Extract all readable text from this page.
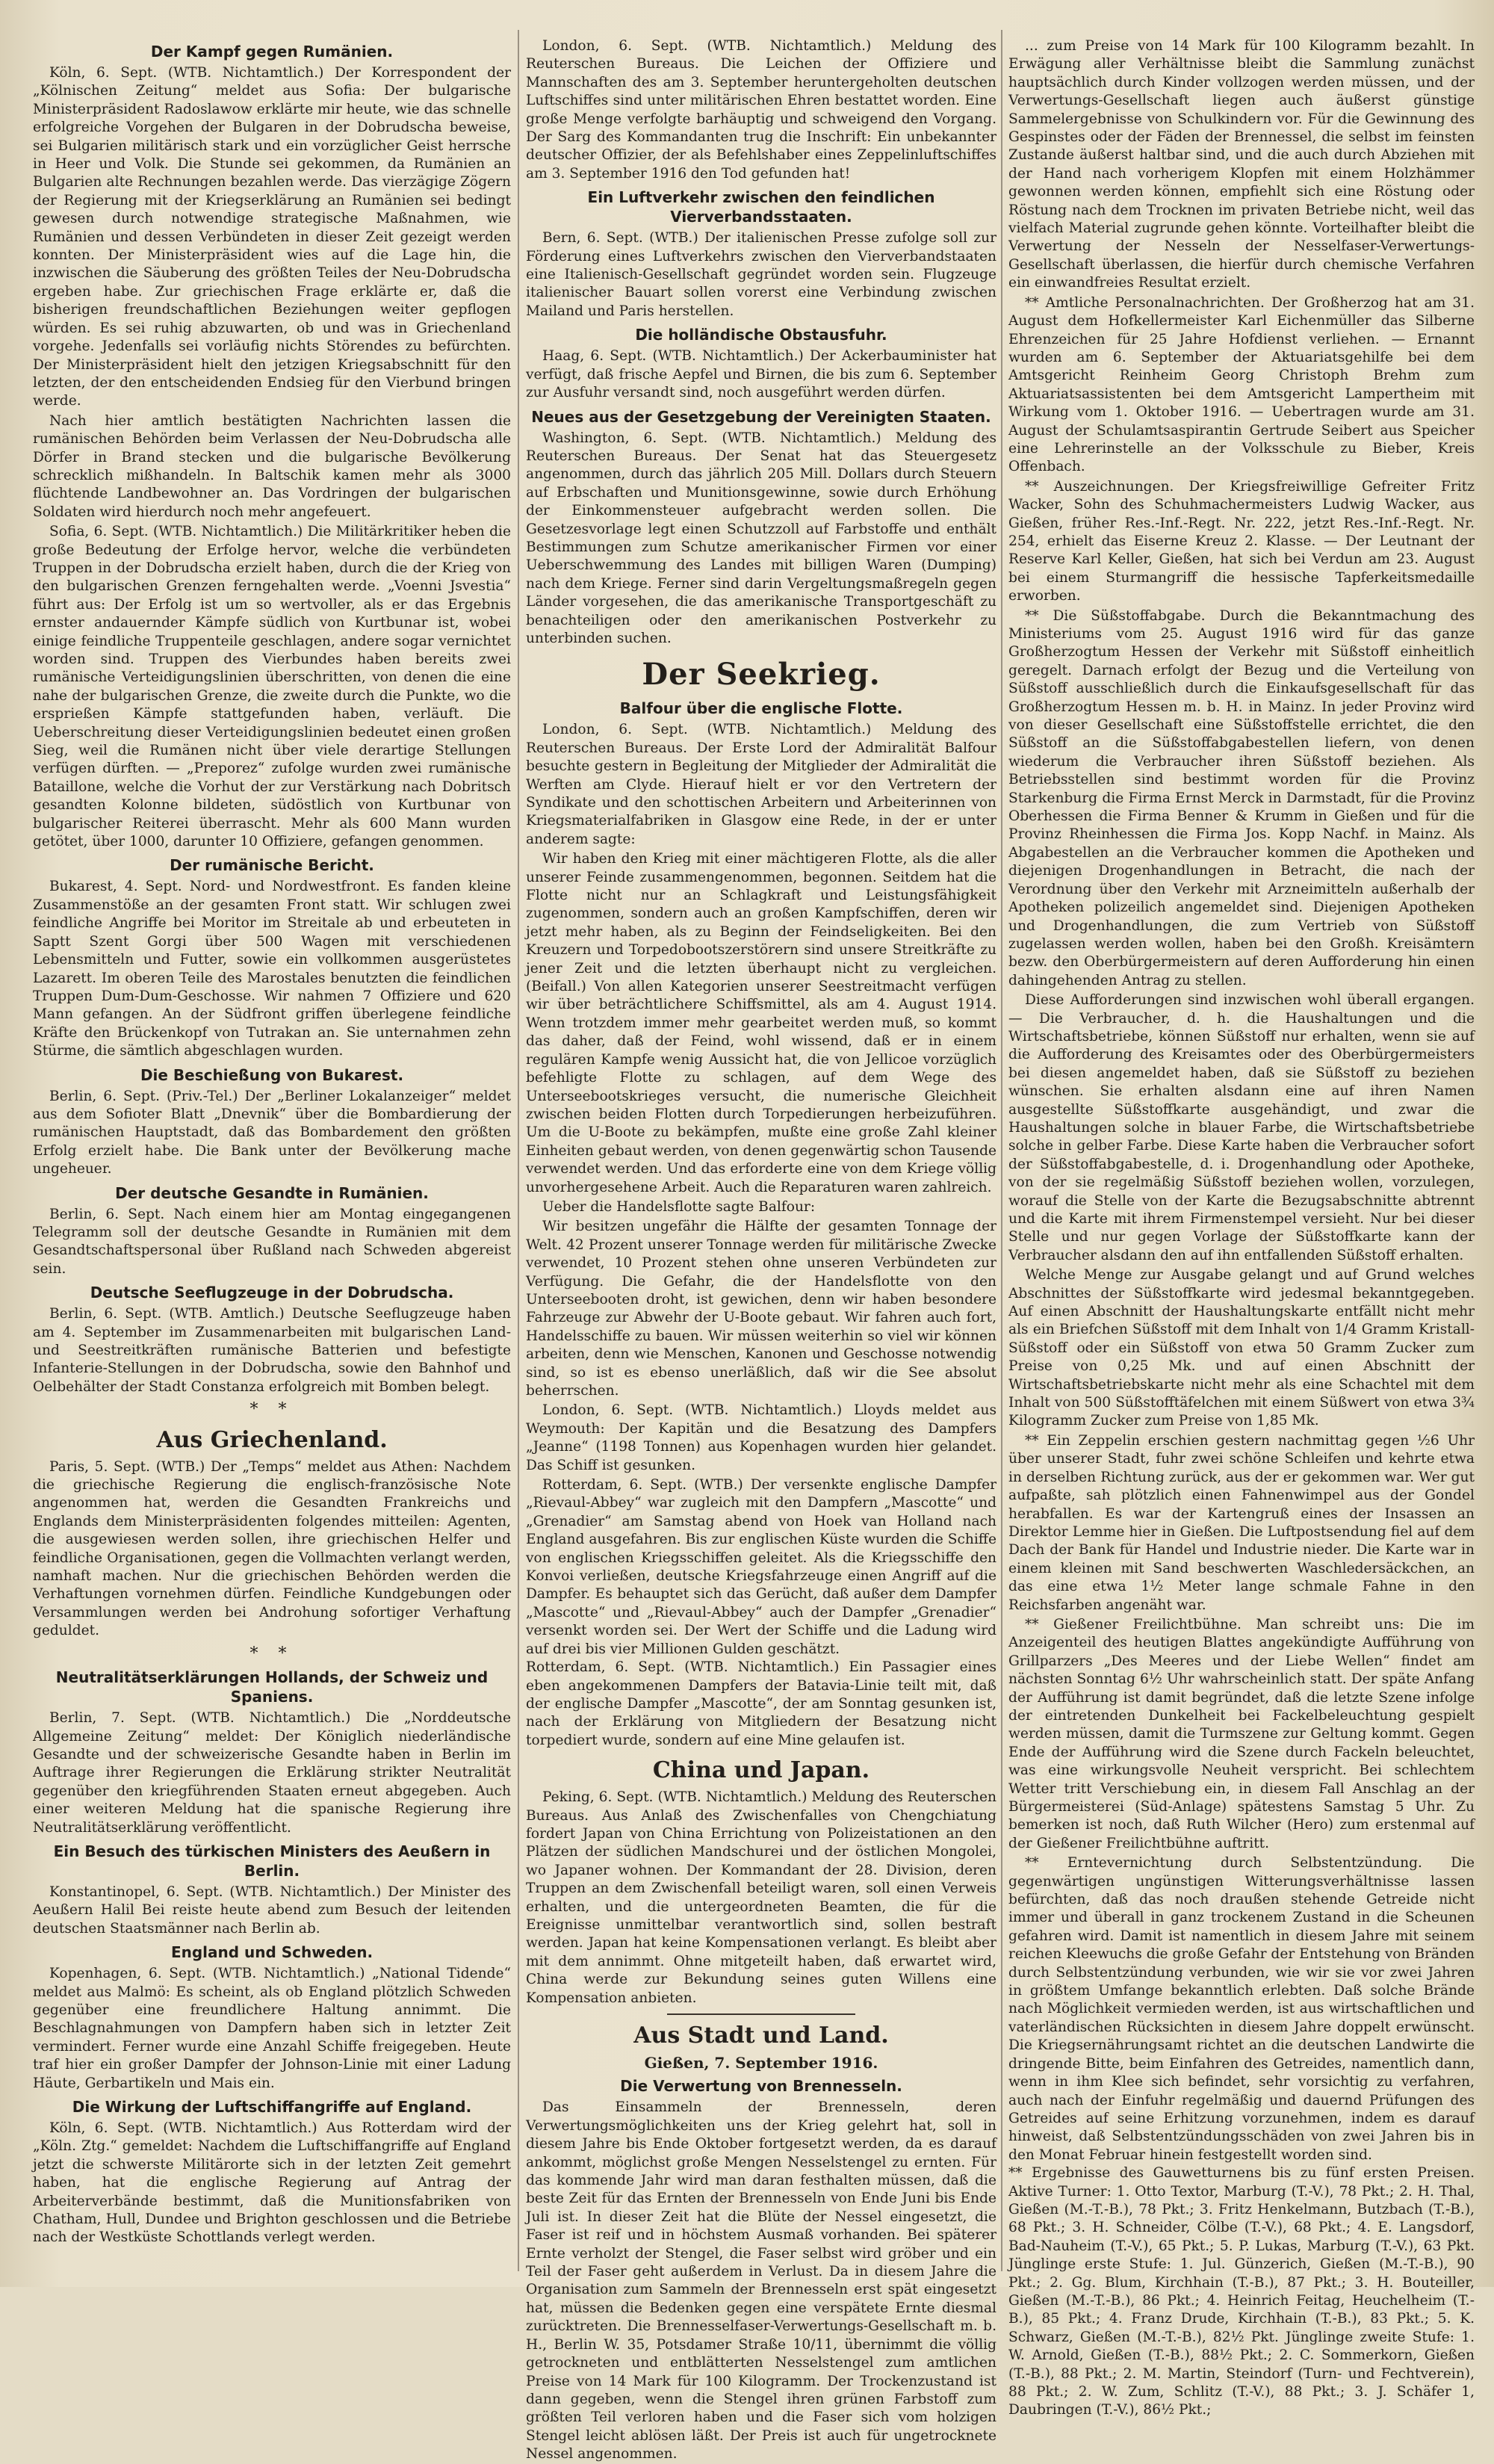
Der Kampf gegen Rumänien.

Köln, 6. Sept. (WTB. Nichtamtlich.) Der Korrespondent der „Kölnischen Zeitung“ meldet aus Sofia: Der bulgarische Ministerpräsident Radoslawow erklärte mir heute, wie das schnelle erfolgreiche Vorgehen der Bulgaren in der Dobrudscha beweise, sei Bulgarien militärisch stark und ein vorzüglicher Geist herrsche in Heer und Volk. Die Stunde sei gekommen, da Rumänien an Bulgarien alte Rechnungen bezahlen werde. Das vierzägige Zögern der Regierung mit der Kriegserklärung an Rumänien sei bedingt gewesen durch notwendige strategische Maßnahmen, wie Rumänien und dessen Verbündeten in dieser Zeit gezeigt werden konnten. Der Ministerpräsident wies auf die Lage hin, die inzwischen die Säuberung des größten Teiles der Neu-Dobrudscha ergeben habe. Zur griechischen Frage erklärte er, daß die bisherigen freundschaftlichen Beziehungen weiter gepflogen würden. Es sei ruhig abzuwarten, ob und was in Griechenland vorgehe. Jedenfalls sei vorläufig nichts Störendes zu befürchten. Der Ministerpräsident hielt den jetzigen Kriegsabschnitt für den letzten, der den entscheidenden Endsieg für den Vierbund bringen werde.

Nach hier amtlich bestätigten Nachrichten lassen die rumänischen Behörden beim Verlassen der Neu-Dobrudscha alle Dörfer in Brand stecken und die bulgarische Bevölkerung schrecklich mißhandeln. In Baltschik kamen mehr als 3000 flüchtende Landbewohner an. Das Vordringen der bulgarischen Soldaten wird hierdurch noch mehr angefeuert.

Sofia, 6. Sept. (WTB. Nichtamtlich.) Die Militärkritiker heben die große Bedeutung der Erfolge hervor, welche die verbündeten Truppen in der Dobrudscha erzielt haben, durch die der Krieg von den bulgarischen Grenzen ferngehalten werde. „Voenni Jsvestia“ führt aus: Der Erfolg ist um so wertvoller, als er das Ergebnis ernster andauernder Kämpfe südlich von Kurtbunar ist, wobei einige feindliche Truppenteile geschlagen, andere sogar vernichtet worden sind. Truppen des Vierbundes haben bereits zwei rumänische Verteidigungslinien überschritten, von denen die eine nahe der bulgarischen Grenze, die zweite durch die Punkte, wo die ersprießen Kämpfe stattgefunden haben, verläuft. Die Ueberschreitung dieser Verteidigungslinien bedeutet einen großen Sieg, weil die Rumänen nicht über viele derartige Stellungen verfügen dürften. — „Preporez“ zufolge wurden zwei rumänische Bataillone, welche die Vorhut der zur Verstärkung nach Dobritsch gesandten Kolonne bildeten, südöstlich von Kurtbunar von bulgarischer Reiterei überrascht. Mehr als 600 Mann wurden getötet, über 1000, darunter 10 Offiziere, gefangen genommen.

Der rumänische Bericht.

Bukarest, 4. Sept. Nord- und Nordwestfront. Es fanden kleine Zusammenstöße an der gesamten Front statt. Wir schlugen zwei feindliche Angriffe bei Moritor im Streitale ab und erbeuteten in Saptt Szent Gorgi über 500 Wagen mit verschiedenen Lebensmitteln und Futter, sowie ein vollkommen ausgerüstetes Lazarett. Im oberen Teile des Marostales benutzten die feindlichen Truppen Dum-Dum-Geschosse. Wir nahmen 7 Offiziere und 620 Mann gefangen. An der Südfront griffen überlegene feindliche Kräfte den Brückenkopf von Tutrakan an. Sie unternahmen zehn Stürme, die sämtlich abgeschlagen wurden.

Die Beschießung von Bukarest.

Berlin, 6. Sept. (Priv.-Tel.) Der „Berliner Lokalanzeiger“ meldet aus dem Sofioter Blatt „Dnevnik“ über die Bombardierung der rumänischen Hauptstadt, daß das Bombardement den größten Erfolg erzielt habe. Die Bank unter der Bevölkerung mache ungeheuer.

Der deutsche Gesandte in Rumänien.

Berlin, 6. Sept. Nach einem hier am Montag eingegangenen Telegramm soll der deutsche Gesandte in Rumänien mit dem Gesandtschaftspersonal über Rußland nach Schweden abgereist sein.

Deutsche Seeflugzeuge in der Dobrudscha.

Berlin, 6. Sept. (WTB. Amtlich.) Deutsche Seeflugzeuge haben am 4. September im Zusammenarbeiten mit bulgarischen Land- und Seestreitkräften rumänische Batterien und befestigte Infanterie-Stellungen in der Dobrudscha, sowie den Bahnhof und Oelbehälter der Stadt Constanza erfolgreich mit Bomben belegt.

* *
Aus Griechenland.

Paris, 5. Sept. (WTB.) Der „Temps“ meldet aus Athen: Nachdem die griechische Regierung die englisch-französische Note angenommen hat, werden die Gesandten Frankreichs und Englands dem Ministerpräsidenten folgendes mitteilen: Agenten, die ausgewiesen werden sollen, ihre griechischen Helfer und feindliche Organisationen, gegen die Vollmachten verlangt werden, namhaft machen. Nur die griechischen Behörden werden die Verhaftungen vornehmen dürfen. Feindliche Kundgebungen oder Versammlungen werden bei Androhung sofortiger Verhaftung geduldet.

* *
Neutralitätserklärungen Hollands, der Schweiz und Spaniens.

Berlin, 7. Sept. (WTB. Nichtamtlich.) Die „Norddeutsche Allgemeine Zeitung“ meldet: Der Königlich niederländische Gesandte und der schweizerische Gesandte haben in Berlin im Auftrage ihrer Regierungen die Erklärung strikter Neutralität gegenüber den kriegführenden Staaten erneut abgegeben. Auch einer weiteren Meldung hat die spanische Regierung ihre Neutralitätserklärung veröffentlicht.

Ein Besuch des türkischen Ministers des Aeußern in Berlin.

Konstantinopel, 6. Sept. (WTB. Nichtamtlich.) Der Minister des Aeußern Halil Bei reiste heute abend zum Besuch der leitenden deutschen Staatsmänner nach Berlin ab.

England und Schweden.

Kopenhagen, 6. Sept. (WTB. Nichtamtlich.) „National Tidende“ meldet aus Malmö: Es scheint, als ob England plötzlich Schweden gegenüber eine freundlichere Haltung annimmt. Die Beschlagnahmungen von Dampfern haben sich in letzter Zeit vermindert. Ferner wurde eine Anzahl Schiffe freigegeben. Heute traf hier ein großer Dampfer der Johnson-Linie mit einer Ladung Häute, Gerbartikeln und Mais ein.

Die Wirkung der Luftschiffangriffe auf England.

Köln, 6. Sept. (WTB. Nichtamtlich.) Aus Rotterdam wird der „Köln. Ztg.“ gemeldet: Nachdem die Luftschiffangriffe auf England jetzt die schwerste Militärorte sich in der letzten Zeit gemehrt haben, hat die englische Regierung auf Antrag der Arbeiterverbände bestimmt, daß die Munitionsfabriken von Chatham, Hull, Dundee und Brighton geschlossen und die Betriebe nach der Westküste Schottlands verlegt werden.

London, 6. Sept. (WTB. Nichtamtlich.) Meldung des Reuterschen Bureaus. Die Leichen der Offiziere und Mannschaften des am 3. September heruntergeholten deutschen Luftschiffes sind unter militärischen Ehren bestattet worden. Eine große Menge verfolgte barhäuptig und schweigend den Vorgang. Der Sarg des Kommandanten trug die Inschrift: Ein unbekannter deutscher Offizier, der als Befehlshaber eines Zeppelinluftschiffes am 3. September 1916 den Tod gefunden hat!

Ein Luftverkehr zwischen den feindlichen Vierverbandsstaaten.

Bern, 6. Sept. (WTB.) Der italienischen Presse zufolge soll zur Förderung eines Luftverkehrs zwischen den Vierverbandstaaten eine Italienisch-Gesellschaft gegründet worden sein. Flugzeuge italienischer Bauart sollen vorerst eine Verbindung zwischen Mailand und Paris herstellen.

Die holländische Obstausfuhr.

Haag, 6. Sept. (WTB. Nichtamtlich.) Der Ackerbauminister hat verfügt, daß frische Aepfel und Birnen, die bis zum 6. September zur Ausfuhr versandt sind, noch ausgeführt werden dürfen.

Neues aus der Gesetzgebung der Vereinigten Staaten.

Washington, 6. Sept. (WTB. Nichtamtlich.) Meldung des Reuterschen Bureaus. Der Senat hat das Steuergesetz angenommen, durch das jährlich 205 Mill. Dollars durch Steuern auf Erbschaften und Munitionsgewinne, sowie durch Erhöhung der Einkommensteuer aufgebracht werden sollen. Die Gesetzesvorlage legt einen Schutzzoll auf Farbstoffe und enthält Bestimmungen zum Schutze amerikanischer Firmen vor einer Ueberschwemmung des Landes mit billigen Waren (Dumping) nach dem Kriege. Ferner sind darin Vergeltungsmaßregeln gegen Länder vorgesehen, die das amerikanische Transportgeschäft zu benachteiligen oder den amerikanischen Postverkehr zu unterbinden suchen.

Der Seekrieg.
Balfour über die englische Flotte.

London, 6. Sept. (WTB. Nichtamtlich.) Meldung des Reuterschen Bureaus. Der Erste Lord der Admiralität Balfour besuchte gestern in Begleitung der Mitglieder der Admiralität die Werften am Clyde. Hierauf hielt er vor den Vertretern der Syndikate und den schottischen Arbeitern und Arbeiterinnen von Kriegsmaterialfabriken in Glasgow eine Rede, in der er unter anderem sagte:

Wir haben den Krieg mit einer mächtigeren Flotte, als die aller unserer Feinde zusammengenommen, begonnen. Seitdem hat die Flotte nicht nur an Schlagkraft und Leistungsfähigkeit zugenommen, sondern auch an großen Kampfschiffen, deren wir jetzt mehr haben, als zu Beginn der Feindseligkeiten. Bei den Kreuzern und Torpedobootszerstörern sind unsere Streitkräfte zu jener Zeit und die letzten überhaupt nicht zu vergleichen. (Beifall.) Von allen Kategorien unserer Seestreitmacht verfügen wir über beträchtlichere Schiffsmittel, als am 4. August 1914. Wenn trotzdem immer mehr gearbeitet werden muß, so kommt das daher, daß der Feind, wohl wissend, daß er in einem regulären Kampfe wenig Aussicht hat, die von Jellicoe vorzüglich befehligte Flotte zu schlagen, auf dem Wege des Unterseebootskrieges versucht, die numerische Gleichheit zwischen beiden Flotten durch Torpedierungen herbeizuführen. Um die U-Boote zu bekämpfen, mußte eine große Zahl kleiner Einheiten gebaut werden, von denen gegenwärtig schon Tausende verwendet werden. Und das erforderte eine von dem Kriege völlig unvorhergesehene Arbeit. Auch die Reparaturen waren zahlreich.

Ueber die Handelsflotte sagte Balfour:

Wir besitzen ungefähr die Hälfte der gesamten Tonnage der Welt. 42 Prozent unserer Tonnage werden für militärische Zwecke verwendet, 10 Prozent stehen ohne unseren Verbündeten zur Verfügung. Die Gefahr, die der Handelsflotte von den Unterseebooten droht, ist gewichen, denn wir haben besondere Fahrzeuge zur Abwehr der U-Boote gebaut. Wir fahren auch fort, Handelsschiffe zu bauen. Wir müssen weiterhin so viel wir können arbeiten, denn wie Menschen, Kanonen und Geschosse notwendig sind, so ist es ebenso unerläßlich, daß wir die See absolut beherrschen.

London, 6. Sept. (WTB. Nichtamtlich.) Lloyds meldet aus Weymouth: Der Kapitän und die Besatzung des Dampfers „Jeanne“ (1198 Tonnen) aus Kopenhagen wurden hier gelandet. Das Schiff ist gesunken.

Rotterdam, 6. Sept. (WTB.) Der versenkte englische Dampfer „Rievaul-Abbey“ war zugleich mit den Dampfern „Mascotte“ und „Grenadier“ am Samstag abend von Hoek van Holland nach England ausgefahren. Bis zur englischen Küste wurden die Schiffe von englischen Kriegsschiffen geleitet. Als die Kriegsschiffe den Konvoi verließen, deutsche Kriegsfahrzeuge einen Angriff auf die Dampfer. Es behauptet sich das Gerücht, daß außer dem Dampfer „Mascotte“ und „Rievaul-Abbey“ auch der Dampfer „Grenadier“ versenkt worden sei. Der Wert der Schiffe und die Ladung wird auf drei bis vier Millionen Gulden geschätzt.
Rotterdam, 6. Sept. (WTB. Nichtamtlich.) Ein Passagier eines eben angekommenen Dampfers der Batavia-Linie teilt mit, daß der englische Dampfer „Mascotte“, der am Sonntag gesunken ist, nach der Erklärung von Mitgliedern der Besatzung nicht torpediert wurde, sondern auf eine Mine gelaufen ist.

China und Japan.

Peking, 6. Sept. (WTB. Nichtamtlich.) Meldung des Reuterschen Bureaus. Aus Anlaß des Zwischenfalles von Chengchiatung fordert Japan von China Errichtung von Polizeistationen an den Plätzen der südlichen Mandschurei und der östlichen Mongolei, wo Japaner wohnen. Der Kommandant der 28. Division, deren Truppen an dem Zwischenfall beteiligt waren, soll einen Verweis erhalten, und die untergeordneten Beamten, die für die Ereignisse unmittelbar verantwortlich sind, sollen bestraft werden. Japan hat keine Kompensationen verlangt. Es bleibt aber mit dem annimmt. Ohne mitgeteilt haben, daß erwartet wird, China werde zur Bekundung seines guten Willens eine Kompensation anbieten.

Aus Stadt und Land.
Gießen, 7. September 1916.
Die Verwertung von Brennesseln.

Das Einsammeln der Brennesseln, deren Verwertungsmöglichkeiten uns der Krieg gelehrt hat, soll in diesem Jahre bis Ende Oktober fortgesetzt werden, da es darauf ankommt, möglichst große Mengen Nesselstengel zu ernten. Für das kommende Jahr wird man daran festhalten müssen, daß die beste Zeit für das Ernten der Brennesseln von Ende Juni bis Ende Juli ist. In dieser Zeit hat die Blüte der Nessel eingesetzt, die Faser ist reif und in höchstem Ausmaß vorhanden. Bei späterer Ernte verholzt der Stengel, die Faser selbst wird gröber und ein Teil der Faser geht außerdem in Verlust. Da in diesem Jahre die Organisation zum Sammeln der Brennesseln erst spät eingesetzt hat, müssen die Bedenken gegen eine verspätete Ernte diesmal zurücktreten. Die Brennesselfaser-Verwertungs-Gesellschaft m. b. H., Berlin W. 35, Potsdamer Straße 10/11, übernimmt die völlig getrockneten und entblätterten Nesselstengel zum amtlichen Preise von 14 Mark für 100 Kilogramm. Der Trockenzustand ist dann gegeben, wenn die Stengel ihren grünen Farbstoff zum größten Teil verloren haben und die Faser sich vom holzigen Stengel leicht ablösen läßt. Der Preis ist auch für ungetrocknete Nessel angenommen.

... zum Preise von 14 Mark für 100 Kilogramm bezahlt. In Erwägung aller Verhältnisse bleibt die Sammlung zunächst hauptsächlich durch Kinder vollzogen werden müssen, und der Verwertungs-Gesellschaft liegen auch äußerst günstige Sammelergebnisse von Schulkindern vor. Für die Gewinnung des Gespinstes oder der Fäden der Brennessel, die selbst im feinsten Zustande äußerst haltbar sind, und die auch durch Abziehen mit der Hand nach vorherigem Klopfen mit einem Holzhämmer gewonnen werden können, empfiehlt sich eine Röstung oder Röstung nach dem Trocknen im privaten Betriebe nicht, weil das vielfach Material zugrunde gehen könnte. Vorteilhafter bleibt die Verwertung der Nesseln der Nesselfaser-Verwertungs-Gesellschaft überlassen, die hierfür durch chemische Verfahren ein einwandfreies Resultat erzielt.

** Amtliche Personalnachrichten. Der Großherzog hat am 31. August dem Hofkellermeister Karl Eichenmüller das Silberne Ehrenzeichen für 25 Jahre Hofdienst verliehen. — Ernannt wurden am 6. September der Aktuariatsgehilfe bei dem Amtsgericht Reinheim Georg Christoph Brehm zum Aktuariatsassistenten bei dem Amtsgericht Lampertheim mit Wirkung vom 1. Oktober 1916. — Uebertragen wurde am 31. August der Schulamtsaspirantin Gertrude Seibert aus Speicher eine Lehrerinstelle an der Volksschule zu Bieber, Kreis Offenbach.

** Auszeichnungen. Der Kriegsfreiwillige Gefreiter Fritz Wacker, Sohn des Schuhmachermeisters Ludwig Wacker, aus Gießen, früher Res.-Inf.-Regt. Nr. 222, jetzt Res.-Inf.-Regt. Nr. 254, erhielt das Eiserne Kreuz 2. Klasse. — Der Leutnant der Reserve Karl Keller, Gießen, hat sich bei Verdun am 23. August bei einem Sturmangriff die hessische Tapferkeitsmedaille erworben.

** Die Süßstoffabgabe. Durch die Bekanntmachung des Ministeriums vom 25. August 1916 wird für das ganze Großherzogtum Hessen der Verkehr mit Süßstoff einheitlich geregelt. Darnach erfolgt der Bezug und die Verteilung von Süßstoff ausschließlich durch die Einkaufsgesellschaft für das Großherzogtum Hessen m. b. H. in Mainz. In jeder Provinz wird von dieser Gesellschaft eine Süßstoffstelle errichtet, die den Süßstoff an die Süßstoffabgabestellen liefern, von denen wiederum die Verbraucher ihren Süßstoff beziehen. Als Betriebsstellen sind bestimmt worden für die Provinz Starkenburg die Firma Ernst Merck in Darmstadt, für die Provinz Oberhessen die Firma Benner & Krumm in Gießen und für die Provinz Rheinhessen die Firma Jos. Kopp Nachf. in Mainz. Als Abgabestellen an die Verbraucher kommen die Apotheken und diejenigen Drogenhandlungen in Betracht, die nach der Verordnung über den Verkehr mit Arzneimitteln außerhalb der Apotheken polizeilich angemeldet sind. Diejenigen Apotheken und Drogenhandlungen, die zum Vertrieb von Süßstoff zugelassen werden wollen, haben bei den Großh. Kreisämtern bezw. den Oberbürgermeistern auf deren Aufforderung hin einen dahingehenden Antrag zu stellen.

Diese Aufforderungen sind inzwischen wohl überall ergangen. — Die Verbraucher, d. h. die Haushaltungen und die Wirtschaftsbetriebe, können Süßstoff nur erhalten, wenn sie auf die Aufforderung des Kreisamtes oder des Oberbürgermeisters bei diesen angemeldet haben, daß sie Süßstoff zu beziehen wünschen. Sie erhalten alsdann eine auf ihren Namen ausgestellte Süßstoffkarte ausgehändigt, und zwar die Haushaltungen solche in blauer Farbe, die Wirtschaftsbetriebe solche in gelber Farbe. Diese Karte haben die Verbraucher sofort der Süßstoffabgabestelle, d. i. Drogenhandlung oder Apotheke, von der sie regelmäßig Süßstoff beziehen wollen, vorzulegen, worauf die Stelle von der Karte die Bezugsabschnitte abtrennt und die Karte mit ihrem Firmenstempel versieht. Nur bei dieser Stelle und nur gegen Vorlage der Süßstoffkarte kann der Verbraucher alsdann den auf ihn entfallenden Süßstoff erhalten.

Welche Menge zur Ausgabe gelangt und auf Grund welches Abschnittes der Süßstoffkarte wird jedesmal bekanntgegeben. Auf einen Abschnitt der Haushaltungskarte entfällt nicht mehr als ein Briefchen Süßstoff mit dem Inhalt von 1/4 Gramm Kristall-Süßstoff oder ein Süßstoff von etwa 50 Gramm Zucker zum Preise von 0,25 Mk. und auf einen Abschnitt der Wirtschaftsbetriebskarte nicht mehr als eine Schachtel mit dem Inhalt von 500 Süßstofftäfelchen mit einem Süßwert von etwa 3¾ Kilogramm Zucker zum Preise von 1,85 Mk.

** Ein Zeppelin erschien gestern nachmittag gegen ½6 Uhr über unserer Stadt, fuhr zwei schöne Schleifen und kehrte etwa in derselben Richtung zurück, aus der er gekommen war. Wer gut aufpaßte, sah plötzlich einen Fahnenwimpel aus der Gondel herabfallen. Es war der Kartengruß eines der Insassen an Direktor Lemme hier in Gießen. Die Luftpostsendung fiel auf dem Dach der Bank für Handel und Industrie nieder. Die Karte war in einem kleinen mit Sand beschwerten Waschledersäckchen, an das eine etwa 1½ Meter lange schmale Fahne in den Reichsfarben angenäht war.

** Gießener Freilichtbühne. Man schreibt uns: Die im Anzeigenteil des heutigen Blattes angekündigte Aufführung von Grillparzers „Des Meeres und der Liebe Wellen“ findet am nächsten Sonntag 6½ Uhr wahrscheinlich statt. Der späte Anfang der Aufführung ist damit begründet, daß die letzte Szene infolge der eintretenden Dunkelheit bei Fackelbeleuchtung gespielt werden müssen, damit die Turmszene zur Geltung kommt. Gegen Ende der Aufführung wird die Szene durch Fackeln beleuchtet, was eine wirkungsvolle Neuheit verspricht. Bei schlechtem Wetter tritt Verschiebung ein, in diesem Fall Anschlag an der Bürgermeisterei (Süd-Anlage) spätestens Samstag 5 Uhr. Zu bemerken ist noch, daß Ruth Wilcher (Hero) zum erstenmal auf der Gießener Freilichtbühne auftritt.

** Erntevernichtung durch Selbstentzündung. Die gegenwärtigen ungünstigen Witterungsverhältnisse lassen befürchten, daß das noch draußen stehende Getreide nicht immer und überall in ganz trockenem Zustand in die Scheunen gefahren wird. Damit ist namentlich in diesem Jahre mit seinem reichen Kleewuchs die große Gefahr der Entstehung von Bränden durch Selbstentzündung verbunden, wie wir sie vor zwei Jahren in größtem Umfange bekanntlich erlebten. Daß solche Brände nach Möglichkeit vermieden werden, ist aus wirtschaftlichen und vaterländischen Rücksichten in diesem Jahre doppelt erwünscht. Die Kriegsernährungsamt richtet an die deutschen Landwirte die dringende Bitte, beim Einfahren des Getreides, namentlich dann, wenn in ihm Klee sich befindet, sehr vorsichtig zu verfahren, auch nach der Einfuhr regelmäßig und dauernd Prüfungen des Getreides auf seine Erhitzung vorzunehmen, indem es darauf hinweist, daß Selbstentzündungsschäden von zwei Jahren bis in den Monat Februar hinein festgestellt worden sind.
** Ergebnisse des Gauwetturnens bis zu fünf ersten Preisen. Aktive Turner: 1. Otto Textor, Marburg (T.-V.), 78 Pkt.; 2. H. Thal, Gießen (M.-T.-B.), 78 Pkt.; 3. Fritz Henkelmann, Butzbach (T.-B.), 68 Pkt.; 3. H. Schneider, Cölbe (T.-V.), 68 Pkt.; 4. E. Langsdorf, Bad-Nauheim (T.-V.), 65 Pkt.; 5. P. Lukas, Marburg (T.-V.), 63 Pkt. Jünglinge erste Stufe: 1. Jul. Günzerich, Gießen (M.-T.-B.), 90 Pkt.; 2. Gg. Blum, Kirchhain (T.-B.), 87 Pkt.; 3. H. Bouteiller, Gießen (M.-T.-B.), 86 Pkt.; 4. Heinrich Feitag, Heuchelheim (T.-B.), 85 Pkt.; 4. Franz Drude, Kirchhain (T.-B.), 83 Pkt.; 5. K. Schwarz, Gießen (M.-T.-B.), 82½ Pkt. Jünglinge zweite Stufe: 1. W. Arnold, Gießen (T.-B.), 88½ Pkt.; 2. C. Sommerkorn, Gießen (T.-B.), 88 Pkt.; 2. M. Martin, Steindorf (Turn- und Fechtverein), 88 Pkt.; 2. W. Zum, Schlitz (T.-V.), 88 Pkt.; 3. J. Schäfer 1, Daubringen (T.-V.), 86½ Pkt.;
